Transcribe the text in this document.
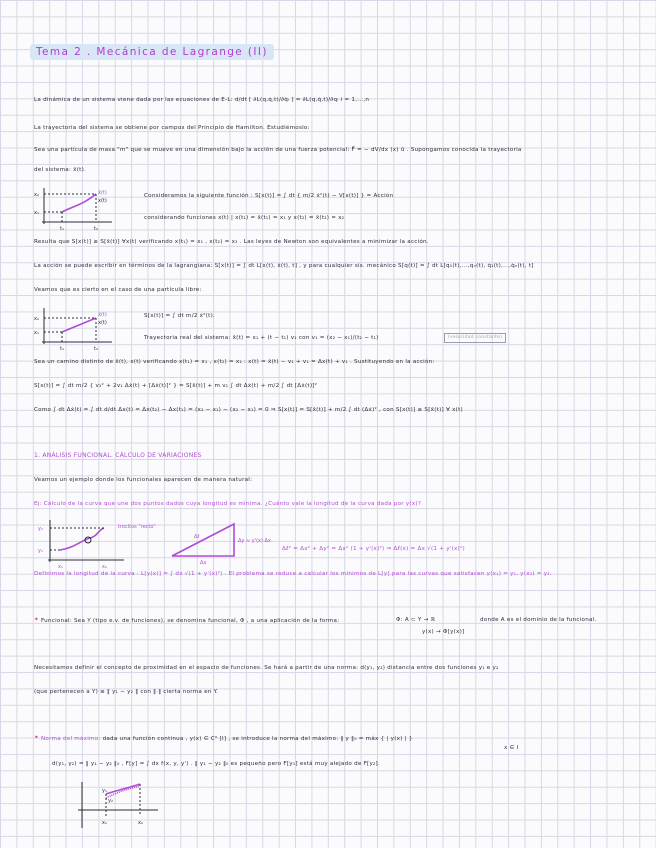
Tema 2 . Mecánica de Lagrange (II)
La dinámica de un sistema viene dada por las ecuaciones de E-L: d/dt [ ∂L(q,q̇,t)/∂q̇ᵢ ] = ∂L(q,q̇,t)/∂qᵢ i = 1,...,n
La trayectoria del sistema se obtiene por campos del Principio de Hamilton. Estudiémoslo:
Sea una partícula de masa "m" que se mueve en una dimensión bajo la acción de una fuerza potencial: F⃗ = − dV/dx (x) û . Supongamos conocida la trayectoria
del sistema: x̄(t).
x₁
x₂
t₁	t₂
x̄(t)
x(t)
Consideramos la siguiente función : S[x(t)] = ∫ dt { m/2 ẋ²(t) − V[x(t)] } = Acción
considerando funciones x(t) | x(t₁) = x̄(t₁) = x₁ y x(t₂) = x̄(t₂) = x₂
Resulta que S[x(t)] ≥ S[x̄(t)] ∀x(t) verificando x(t₁) = x₁ , x(t₂) = x₂ . Las leyes de Newton son equivalentes a minimizar la acción.
La acción se puede escribir en términos de la lagrangiana: S[x(t)] = ∫ dt L[x(t), ẋ(t), t] , y para cualquier sis. mecánico S[q(t)] = ∫ dt L[q₁(t),...,qₙ(t), q̇₁(t),...,q̇ₙ(t), t]
Veamos que es cierto en el caso de una partícula libre:
x₁
x₂
t₁	t₂
x̄(t)
x(t)
S[x(t)] = ∫ dt m/2 ẋ²(t).
Trayectoria real del sistema: x̄(t) = x₁ + (t − t₁) v₁ con v₁ = (x₂ − x₁)/(t₂ − t₁)	(velocidad constante)
Sea un camino distinto de x̄(t), x(t) verificando x(t₁) = x₁ , x(t₂) = x₂ : x(t) = x̄(t) − v₁ + v₁ = Δx(t) + v₁ . Sustituyendo en la acción:
S[x(t)] = ∫ dt m/2 { v₁² + 2v₁ Δẋ(t) + [Δẋ(t)]² } = S[x̄(t)] + m v₁ ∫ dt Δẋ(t) + m/2 ∫ dt [Δẋ(t)]²
Como ∫ dt Δẋ(t) = ∫ dt d/dt Δx(t) = Δx(t₂) − Δx(t₁) = (x₂ − x₁) − (x₂ − x₁) = 0 ⇒ S[x(t)] = S[x̄(t)] + m/2 ∫ dt (Δẋ)² , con S[x(t)] ≥ S[x̄(t)] ∀ x(t)
1. ANÁLISIS FUNCIONAL. CÁLCULO DE VARIACIONES
Veamos un ejemplo donde los funcionales aparecen de manera natural:
Ej: Cálculo de la curva que une dos puntos dados cuya longitud es mínima. ¿Cuánto vale la longitud de la curva dada por y(x)?
y₁
y₂
x₁	x₂
trocitos "recto"
Δℓ
Δx
Δy ≈ y'(x) Δx
Δℓ² = Δx² + Δy² = Δx² (1 + y'(x)²) ⇒ Δℓ(x) = Δx √(1 + y'(x)²)
Definimos la longitud de la curva : L[y(x)] = ∫ dx √(1 + y'(x)²) . El problema se reduce a calcular los mínimos de L[y] para las curvas que satisfacen y(x₁) = y₁, y(x₂) = y₂.
• Funcional: Sea Y (tipo e.v. de funciones), se denomina funcional, Φ , a una aplicación de la forma:	Φ: A ⊂ Y → ℝ
y(x) → Φ[y(x)]
donde A es el dominio de la funcional.
Necesitamos definir el concepto de proximidad en el espacio de funciones. Se hará a partir de una norma: d(y₁, y₂) distancia entre dos funciones y₁ e y₂
(que pertenecen a Y) ≡ ‖ y₁ − y₂ ‖ con ‖·‖ cierta norma en Y.
• Norma del máximo: dada una función continua , y(x) ∈ C⁰ [I] , se introduce la norma del máximo: ‖ y ‖₀ = máx { | y(x) | }
x ∈ I
d(y₁, y₂) = ‖ y₁ − y₂ ‖₀ , F[y] = ∫ dx f(x, y, y') . ‖ y₁ − y₂ ‖₀ es pequeño pero F[y₁] está muy alejado de F[y₂].
y₁
y₂
x₁	x₂
